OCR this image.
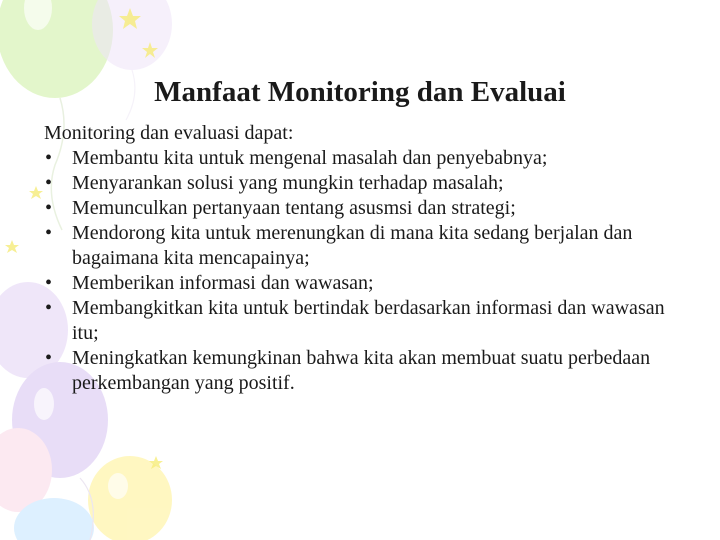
Manfaat Monitoring dan Evaluai

Monitoring dan evaluasi dapat:

• Membantu kita untuk mengenal masalah dan penyebabnya;
• Menyarankan solusi yang mungkin terhadap masalah;
• Memunculkan pertanyaan tentang asusmsi dan strategi;
• Mendorong kita untuk merenungkan di mana kita sedang berjalan dan bagaimana kita mencapainya;
• Memberikan informasi dan wawasan;
• Membangkitkan kita untuk bertindak berdasarkan informasi dan wawasan itu;
• Meningkatkan kemungkinan bahwa kita akan membuat suatu perbedaan perkembangan yang positif.
